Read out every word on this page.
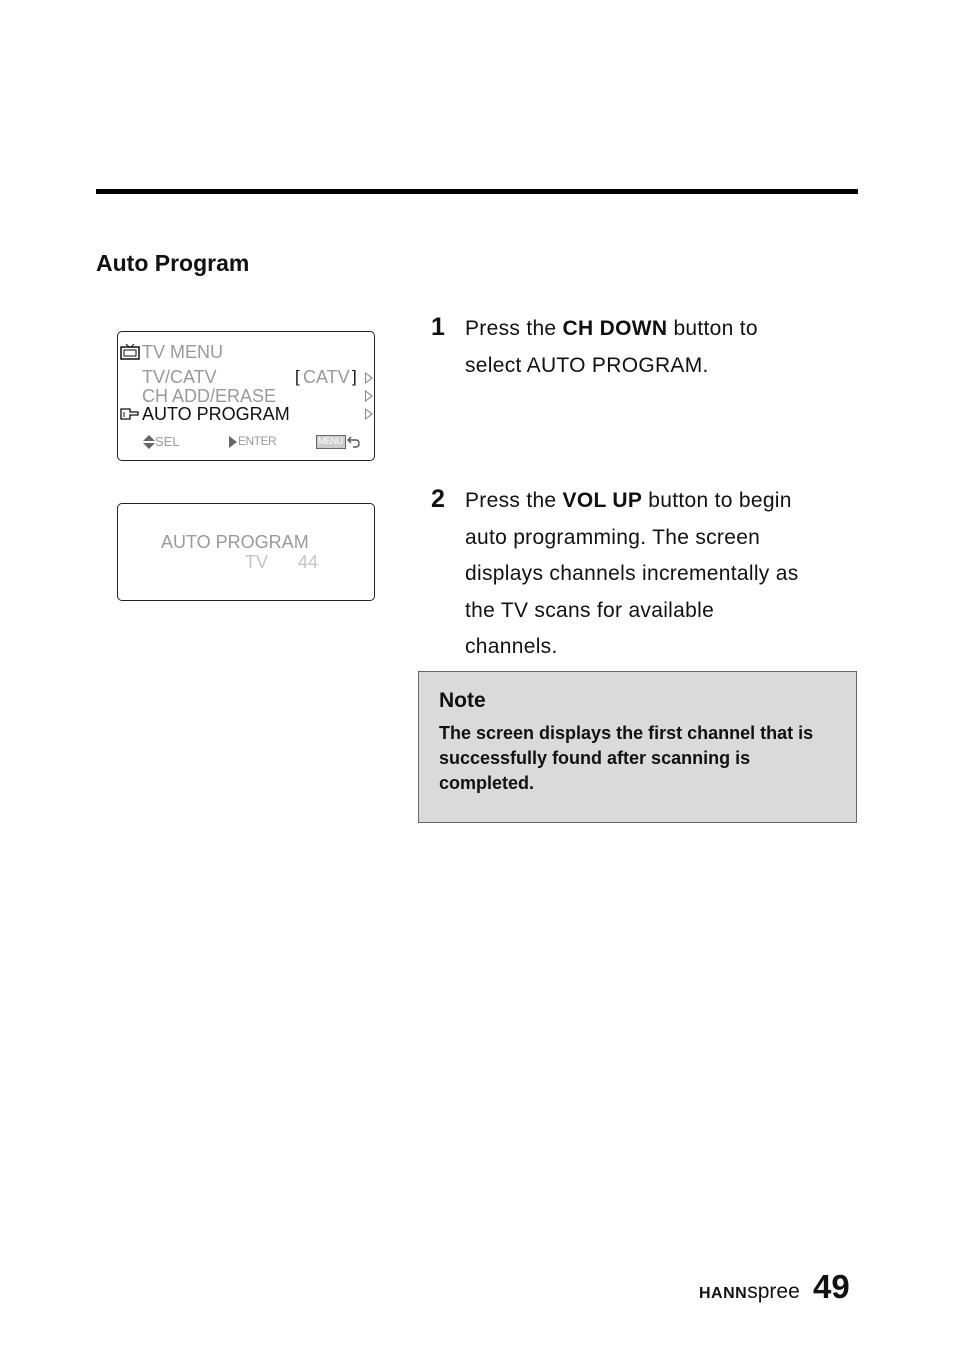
Auto Program
TV MENU
TV/CATV	[ CATV ]
CH ADD/ERASE
AUTO PROGRAM
SEL	ENTER	MENU
AUTO PROGRAM
TV 44
1 Press the CH DOWN button to
select AUTO PROGRAM.
2 Press the VOL UP button to begin
auto programming. The screen
displays channels incrementally as
the TV scans for available
channels.
Note
The screen displays the first channel that is successfully found after scanning is completed.
HANNspree 49
